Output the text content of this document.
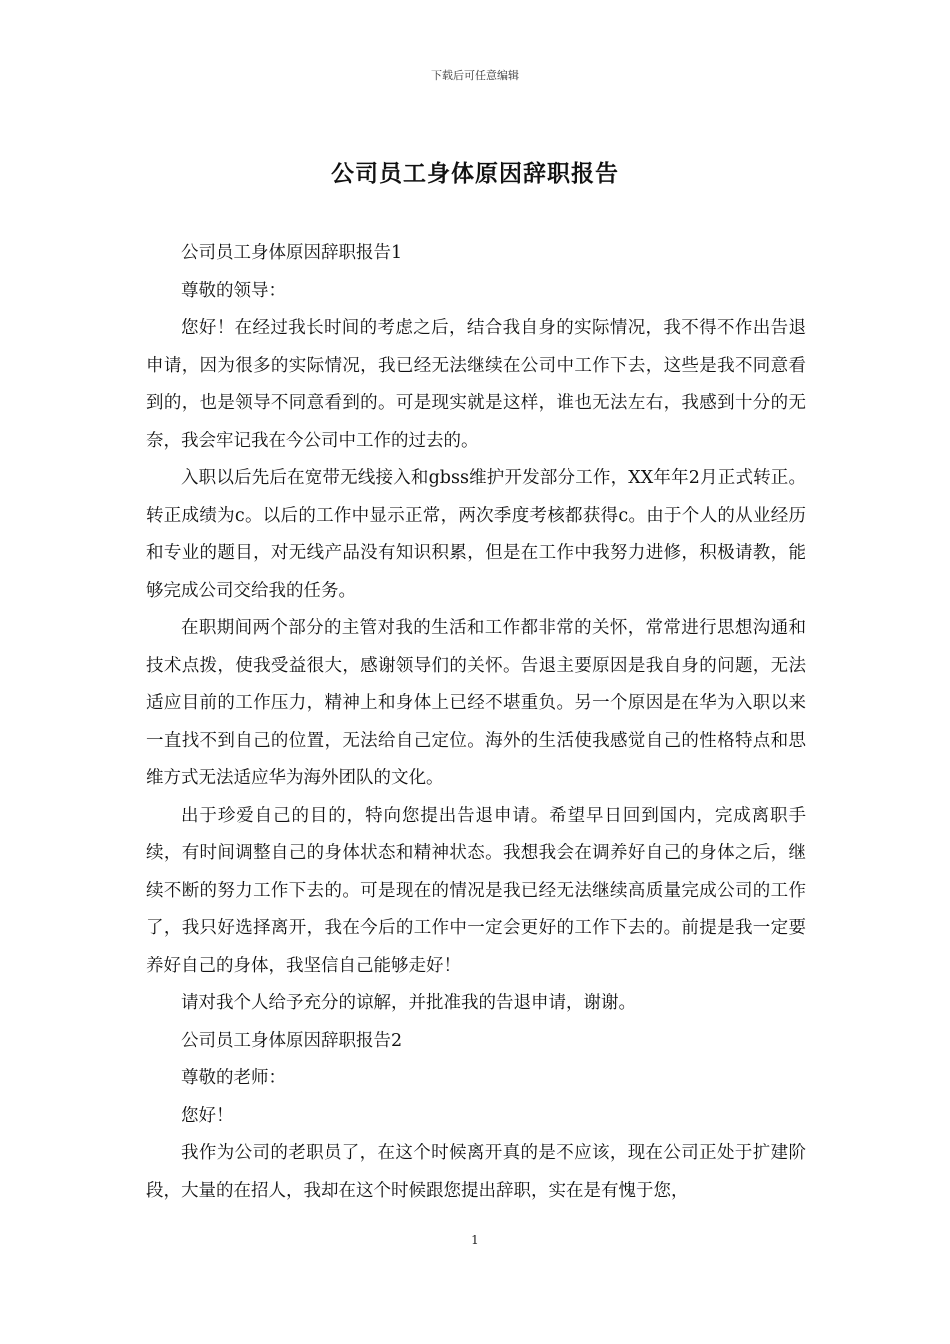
下载后可任意编辑
公司员工身体原因辞职报告

公司员工身体原因辞职报告1

尊敬的领导：

您好！在经过我长时间的考虑之后，结合我自身的实际情况，我不得不作出告退申请，因为很多的实际情况，我已经无法继续在公司中工作下去，这些是我不同意看到的，也是领导不同意看到的。可是现实就是这样，谁也无法左右，我感到十分的无奈，我会牢记我在今公司中工作的过去的。

入职以后先后在宽带无线接入和gbss维护开发部分工作，XX年年2月正式转正。转正成绩为c。以后的工作中显示正常，两次季度考核都获得c。由于个人的从业经历和专业的题目，对无线产品没有知识积累，但是在工作中我努力进修，积极请教，能够完成公司交给我的任务。

在职期间两个部分的主管对我的生活和工作都非常的关怀，常常进行思想沟通和技术点拨，使我受益很大，感谢领导们的关怀。告退主要原因是我自身的问题，无法适应目前的工作压力，精神上和身体上已经不堪重负。另一个原因是在华为入职以来一直找不到自己的位置，无法给自己定位。海外的生活使我感觉自己的性格特点和思维方式无法适应华为海外团队的文化。

出于珍爱自己的目的，特向您提出告退申请。希望早日回到国内，完成离职手续，有时间调整自己的身体状态和精神状态。我想我会在调养好自己的身体之后，继续不断的努力工作下去的。可是现在的情况是我已经无法继续高质量完成公司的工作了，我只好选择离开，我在今后的工作中一定会更好的工作下去的。前提是我一定要养好自己的身体，我坚信自己能够走好！

请对我个人给予充分的谅解，并批准我的告退申请，谢谢。

公司员工身体原因辞职报告2

尊敬的老师：

您好！

我作为公司的老职员了，在这个时候离开真的是不应该，现在公司正处于扩建阶段，大量的在招人，我却在这个时候跟您提出辞职，实在是有愧于您，

1
